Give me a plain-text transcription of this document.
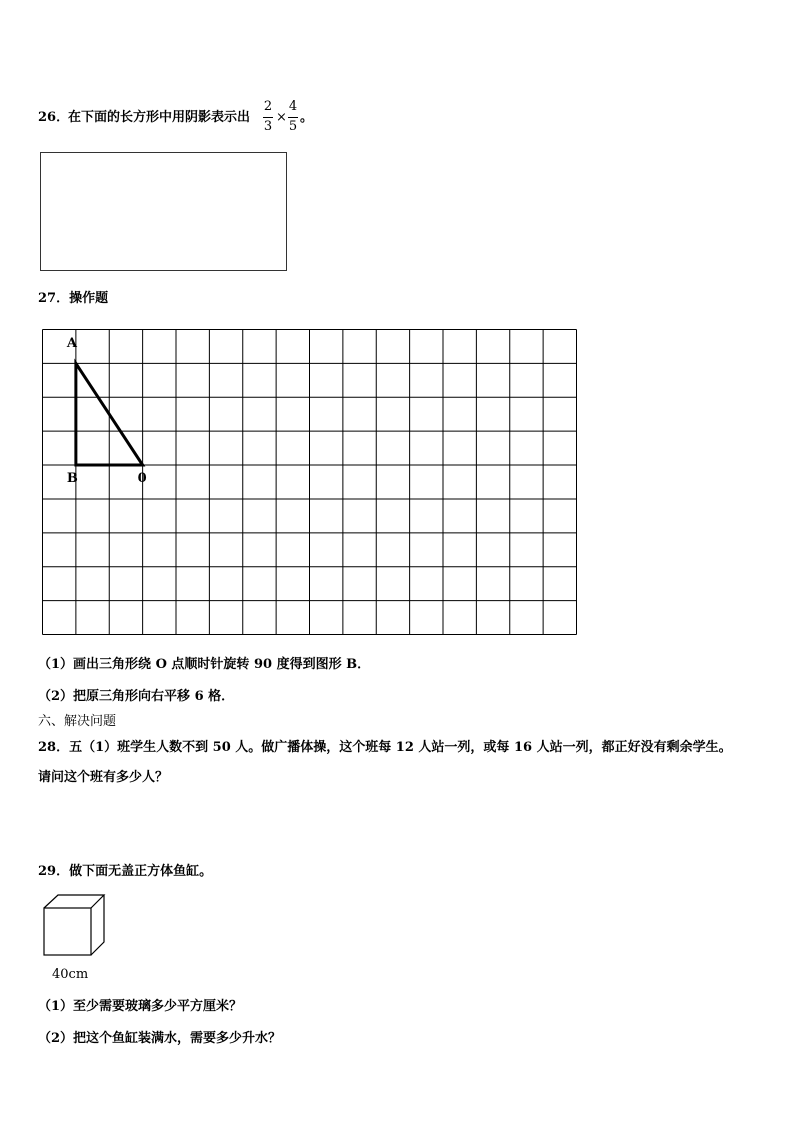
26．
在下面的长方形中用阴影表示出
2
3
×
4
5
。
27．操作题
A
B	0
（1）画出三角形绕 O 点顺时针旋转 90 度得到图形 B．
（2）把原三角形向右平移 6 格．
六、解决问题
28．五（1）班学生人数不到 50 人。做广播体操，这个班每 12 人站一列，或每 16 人站一列，都正好没有剩余学生。
请问这个班有多少人？
29．做下面无盖正方体鱼缸。
40cm
（1）至少需要玻璃多少平方厘米？
（2）把这个鱼缸装满水，需要多少升水？
